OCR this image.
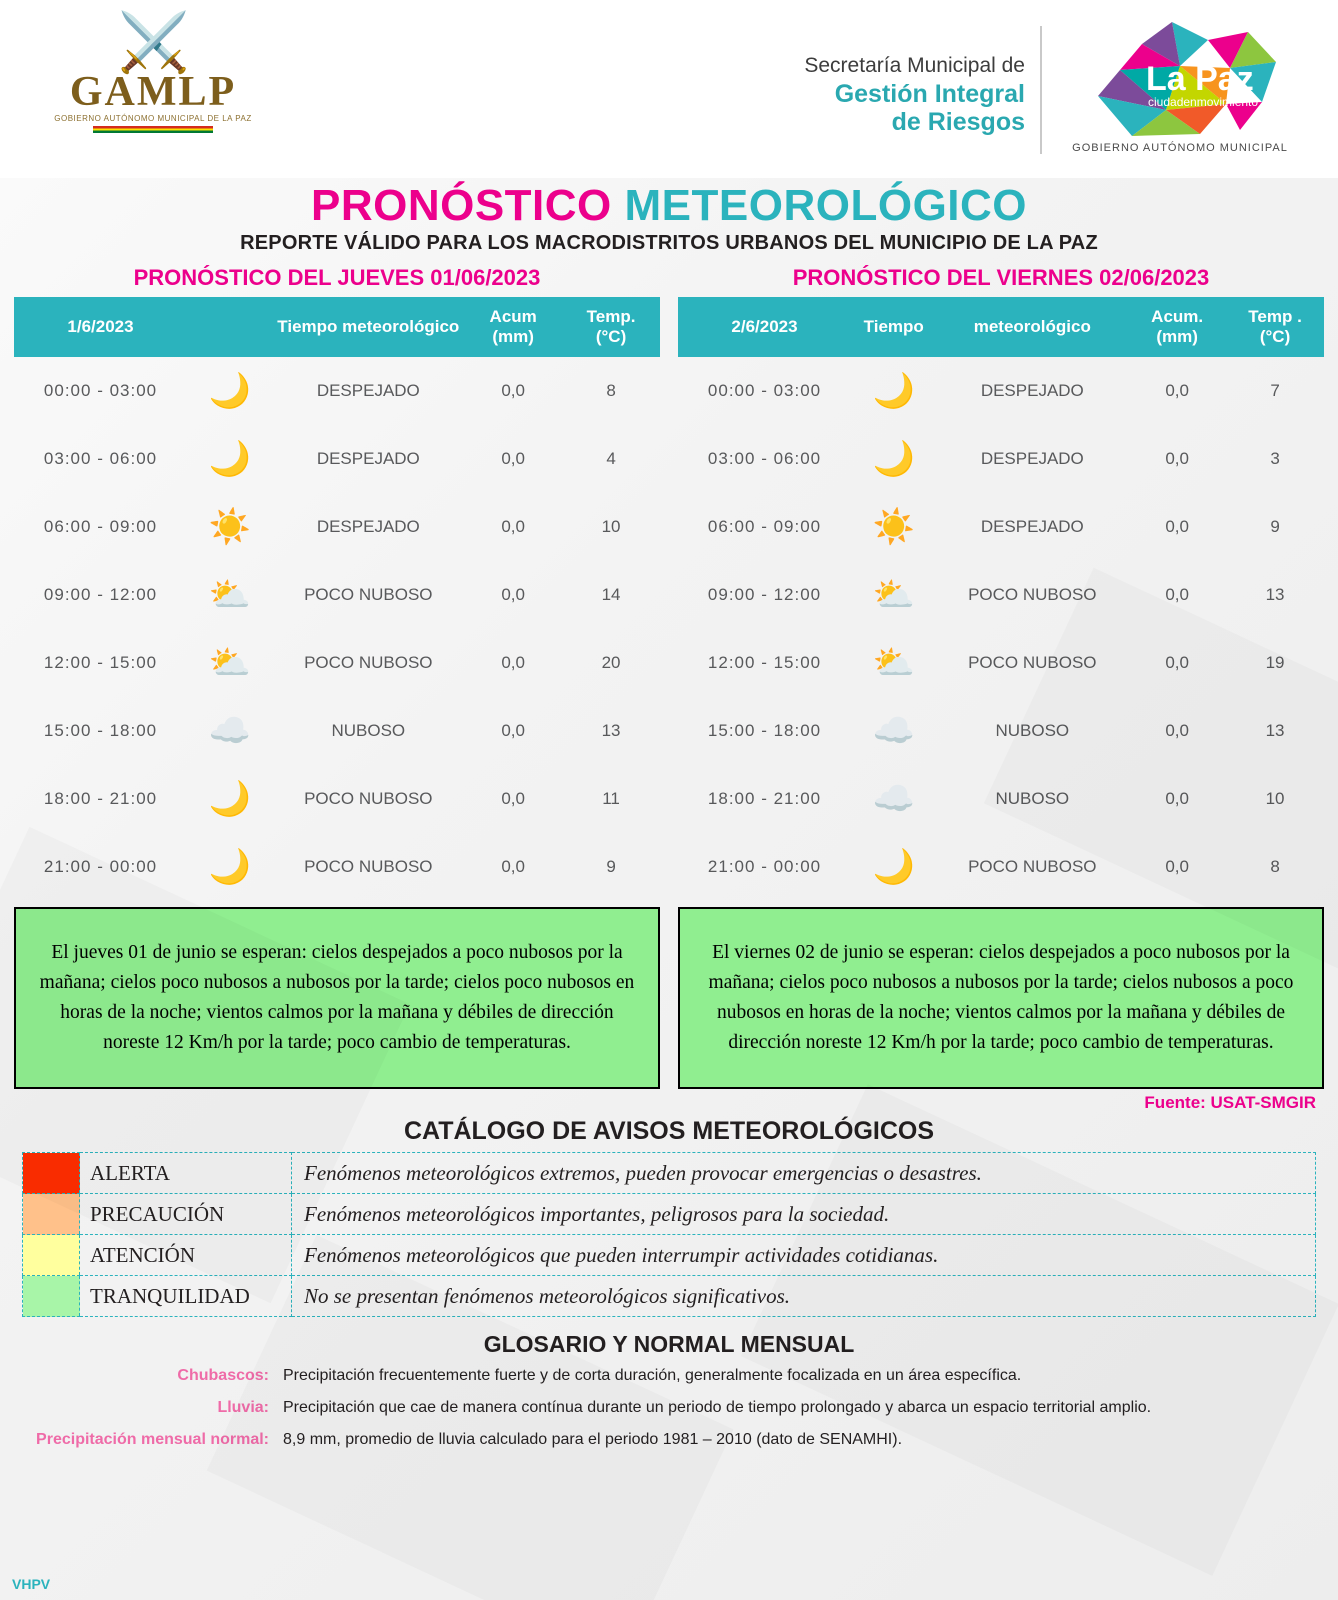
⚔️
GAMLP
GOBIERNO AUTÓNOMO MUNICIPAL DE LA PAZ
Secretaría Municipal de
Gestión Integral
de Riesgos
La Paz
ciudadenmovimiento
GOBIERNO AUTÓNOMO MUNICIPAL
PRONÓSTICO METEOROLÓGICO
REPORTE VÁLIDO PARA LOS MACRODISTRITOS URBANOS DEL MUNICIPIO DE LA PAZ
PRONÓSTICO DEL JUEVES 01/06/2023
1/6/2023		Tiempo meteorológico	Acum
(mm)	Temp.
(°C)
00:00 - 03:00	🌙	DESPEJADO	0,0	8
03:00 - 06:00	🌙	DESPEJADO	0,0	4
06:00 - 09:00	☀️	DESPEJADO	0,0	10
09:00 - 12:00	⛅	POCO NUBOSO	0,0	14
12:00 - 15:00	⛅	POCO NUBOSO	0,0	20
15:00 - 18:00	☁️	NUBOSO	0,0	13
18:00 - 21:00	🌙	POCO NUBOSO	0,0	11
21:00 - 00:00	🌙	POCO NUBOSO	0,0	9
PRONÓSTICO DEL VIERNES 02/06/2023
2/6/2023	Tiempo	meteorológico	Acum.
(mm)	Temp .
(°C)
00:00 - 03:00	🌙	DESPEJADO	0,0	7
03:00 - 06:00	🌙	DESPEJADO	0,0	3
06:00 - 09:00	☀️	DESPEJADO	0,0	9
09:00 - 12:00	⛅	POCO NUBOSO	0,0	13
12:00 - 15:00	⛅	POCO NUBOSO	0,0	19
15:00 - 18:00	☁️	NUBOSO	0,0	13
18:00 - 21:00	☁️	NUBOSO	0,0	10
21:00 - 00:00	🌙	POCO NUBOSO	0,0	8
El jueves 01 de junio se esperan: cielos despejados a poco nubosos por la mañana; cielos poco nubosos a nubosos por la tarde; cielos poco nubosos en horas de la noche; vientos calmos por la mañana y débiles de dirección noreste 12 Km/h por la tarde; poco cambio de temperaturas.
El viernes 02 de junio se esperan: cielos despejados a poco nubosos por la mañana; cielos poco nubosos a nubosos por la tarde; cielos nubosos a poco nubosos en horas de la noche; vientos calmos por la mañana y débiles de dirección noreste 12 Km/h por la tarde; poco cambio de temperaturas.
Fuente: USAT-SMGIR
CATÁLOGO DE AVISOS METEOROLÓGICOS
	ALERTA	Fenómenos meteorológicos extremos, pueden provocar emergencias o desastres.
	PRECAUCIÓN	Fenómenos meteorológicos importantes, peligrosos para la sociedad.
	ATENCIÓN	Fenómenos meteorológicos que pueden interrumpir actividades cotidianas.
	TRANQUILIDAD	No se presentan fenómenos meteorológicos significativos.
GLOSARIO Y NORMAL MENSUAL
Chubascos: Precipitación frecuentemente fuerte y de corta duración, generalmente focalizada en un área específica.
Lluvia: Precipitación que cae de manera contínua durante un periodo de tiempo prolongado y abarca un espacio territorial amplio.
Precipitación mensual normal: 8,9 mm, promedio de lluvia calculado para el periodo 1981 – 2010 (dato de SENAMHI).
VHPV
